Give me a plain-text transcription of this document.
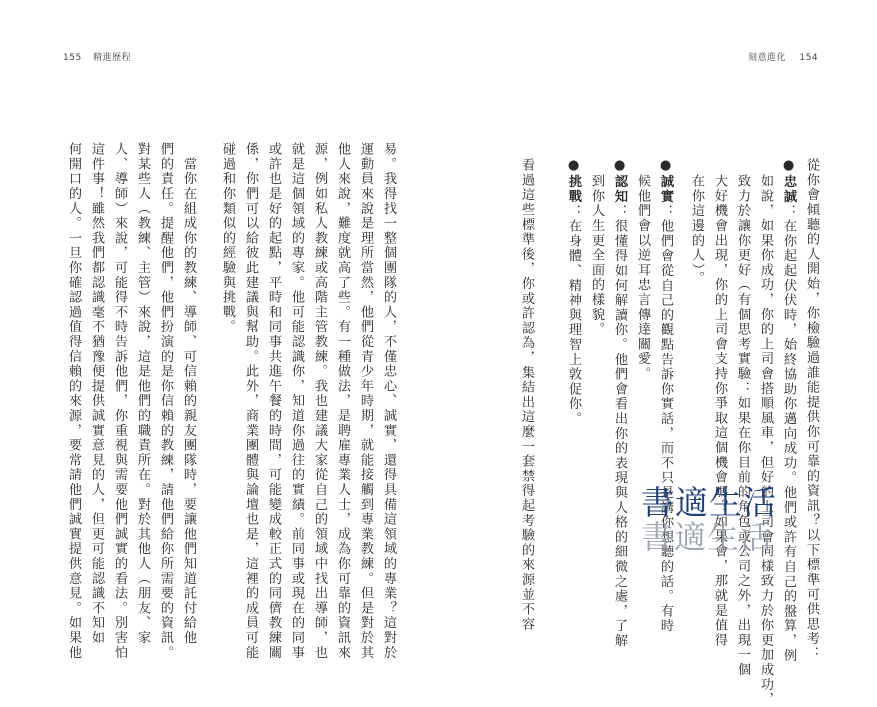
155 精進歷程
易。我得找一整個團隊的人，不僅忠心、誠實，還得具備這領域的專業？這對於
運動員來說是理所當然，他們從青少年時期，就能接觸到專業教練。但是對於其
他人來說，難度就高了些。有一種做法，是聘雇專業人士，成為你可靠的資訊來
源，例如私人教練或高階主管教練。我也建議大家從自己的領域中找出導師，也
就是這個領域的專家。他可能認識你，知道你過往的實績。前同事或現在的同事
或許也是好的起點，平時和同事共進午餐的時間，可能變成較正式的同儕教練關
係，你們可以給彼此建議與幫助。此外，商業團體與論壇也是，這裡的成員可能
碰過和你類似的經驗與挑戰。
　當你在組成你的教練、導師、可信賴的親友團隊時，要讓他們知道託付給他
們的責任。提醒他們，他們扮演的是你信賴的教練，請他們給你所需要的資訊。
對某些人（教練、主管）來說，這是他們的職責所在。對於其他人（朋友、家
人、導師）來說，可能得不時告訴他們，你重視與需要他們誠實的看法。別害怕
這件事！雖然我們都認識毫不猶豫便提供誠實意見的人，但更可能認識不知如
何開口的人。一旦你確認過值得信賴的來源，要常請他們誠實提供意見。如果他
刻意進化 154
從你會傾聽的人開始，你檢驗過誰能提供你可靠的資訊？以下標準可供思考：
●忠誠：在你起起伏伏時，始終協助你邁向成功。他們或許有自己的盤算，例
如說，如果你成功，你的上司會搭順風車，但好的上司會同樣致力於你更加成功，
致力於讓你更好（有個思考實驗：如果在你目前的角色或公司之外，出現一個
大好機會出現，你的上司會支持你爭取這個機會嗎？如果會，那就是值得
在你這邊的人）。
●誠實：他們會從自己的觀點告訴你實話，而不只是講你想聽的話。有時
候他們會以逆耳忠言傳達關愛。
●認知：很懂得如何解讀你。他們會看出你的表現與人格的細微之處，了解
到你人生更全面的樣貌。
●挑戰：在身體、精神與理智上敦促你。
看過這些標準後，你或許認為，集結出這麼一套禁得起考驗的來源並不容	書適生活
書適生活
